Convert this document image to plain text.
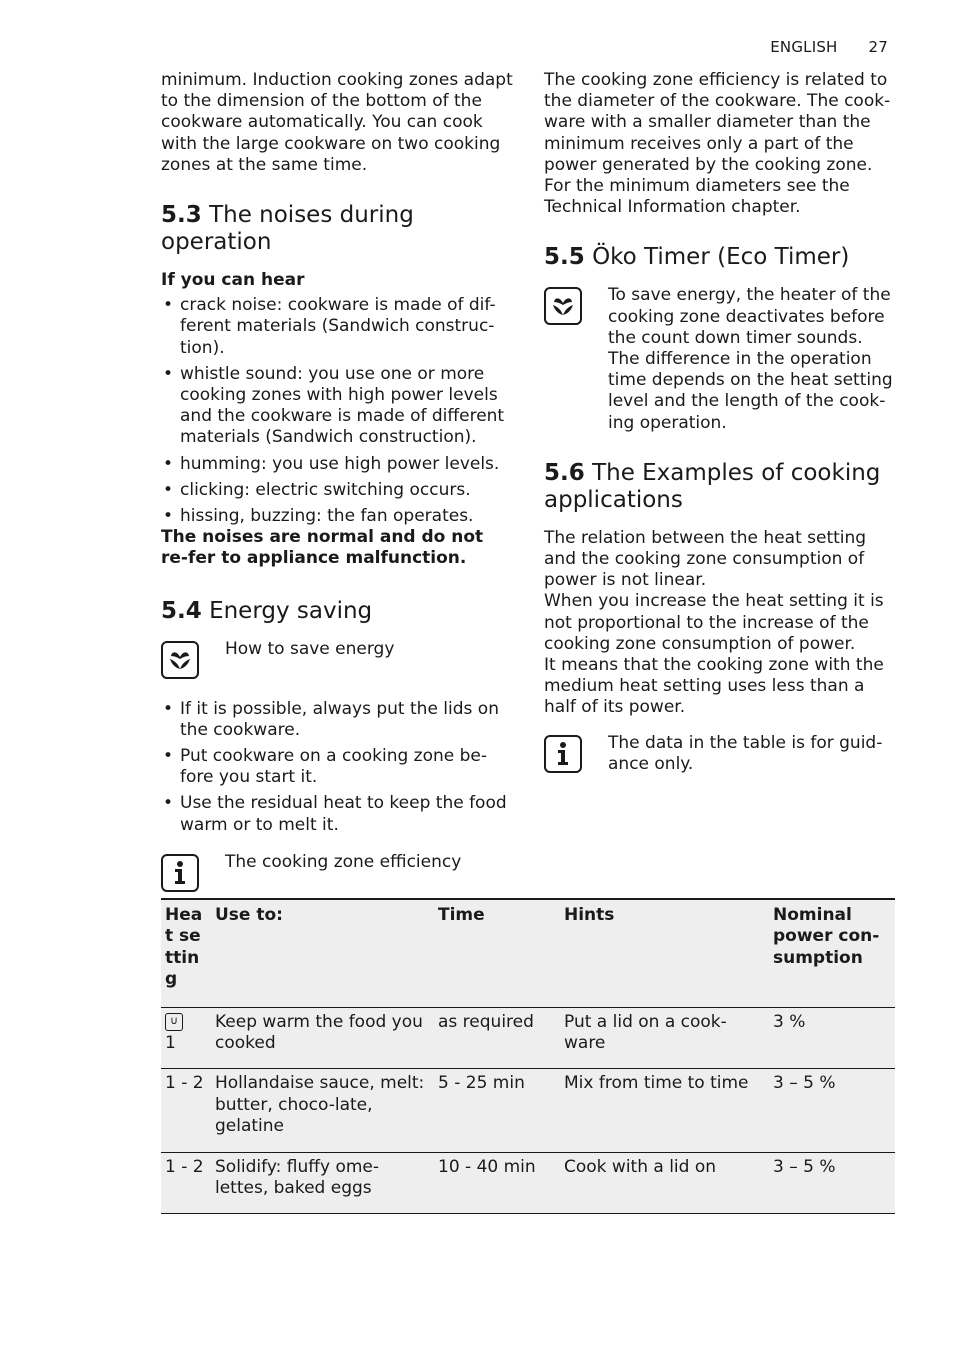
ENGLISH 27

minimum. Induction cooking zones adapt to the dimension of the bottom of the cookware automatically. You can cook with the large cookware on two cooking zones at the same time.

5.3 The noises during operation

If you can hear

• crack noise: cookware is made of dif-ferent materials (Sandwich construc-tion).
• whistle sound: you use one or more cooking zones with high power levels and the cookware is made of different materials (Sandwich construction).
• humming: you use high power levels.
• clicking: electric switching occurs.
• hissing, buzzing: the fan operates.

The noises are normal and do not re-fer to appliance malfunction.

5.4 Energy saving
How to save energy
• If it is possible, always put the lids on the cookware.
• Put cookware on a cooking zone be-fore you start it.
• Use the residual heat to keep the food warm or to melt it.
The cooking zone efficiency

The cooking zone efficiency is related to the diameter of the cookware. The cook-ware with a smaller diameter than the minimum receives only a part of the power generated by the cooking zone. For the minimum diameters see the Technical Information chapter.

5.5 Öko Timer (Eco Timer)
To save energy, the heater of the cooking zone deactivates before the count down timer sounds. The difference in the operation time depends on the heat setting level and the length of the cook-ing operation.
5.6 The Examples of cooking applications

The relation between the heat setting and the cooking zone consumption of power is not linear.

When you increase the heat setting it is not proportional to the increase of the cooking zone consumption of power.

It means that the cooking zone with the medium heat setting uses less than a half of its power.

The data in the table is for guid-ance only.
Heat setting	Use to:	Time	Hints	Nominal power con-sumption
∪
1	Keep warm the food you cooked	as required	Put a lid on a cook-ware	3 %
1 - 2	Hollandaise sauce, melt: butter, choco-late, gelatine	5 - 25 min	Mix from time to time	3 – 5 %
1 - 2	Solidify: fluffy ome-lettes, baked eggs	10 - 40 min	Cook with a lid on	3 – 5 %
